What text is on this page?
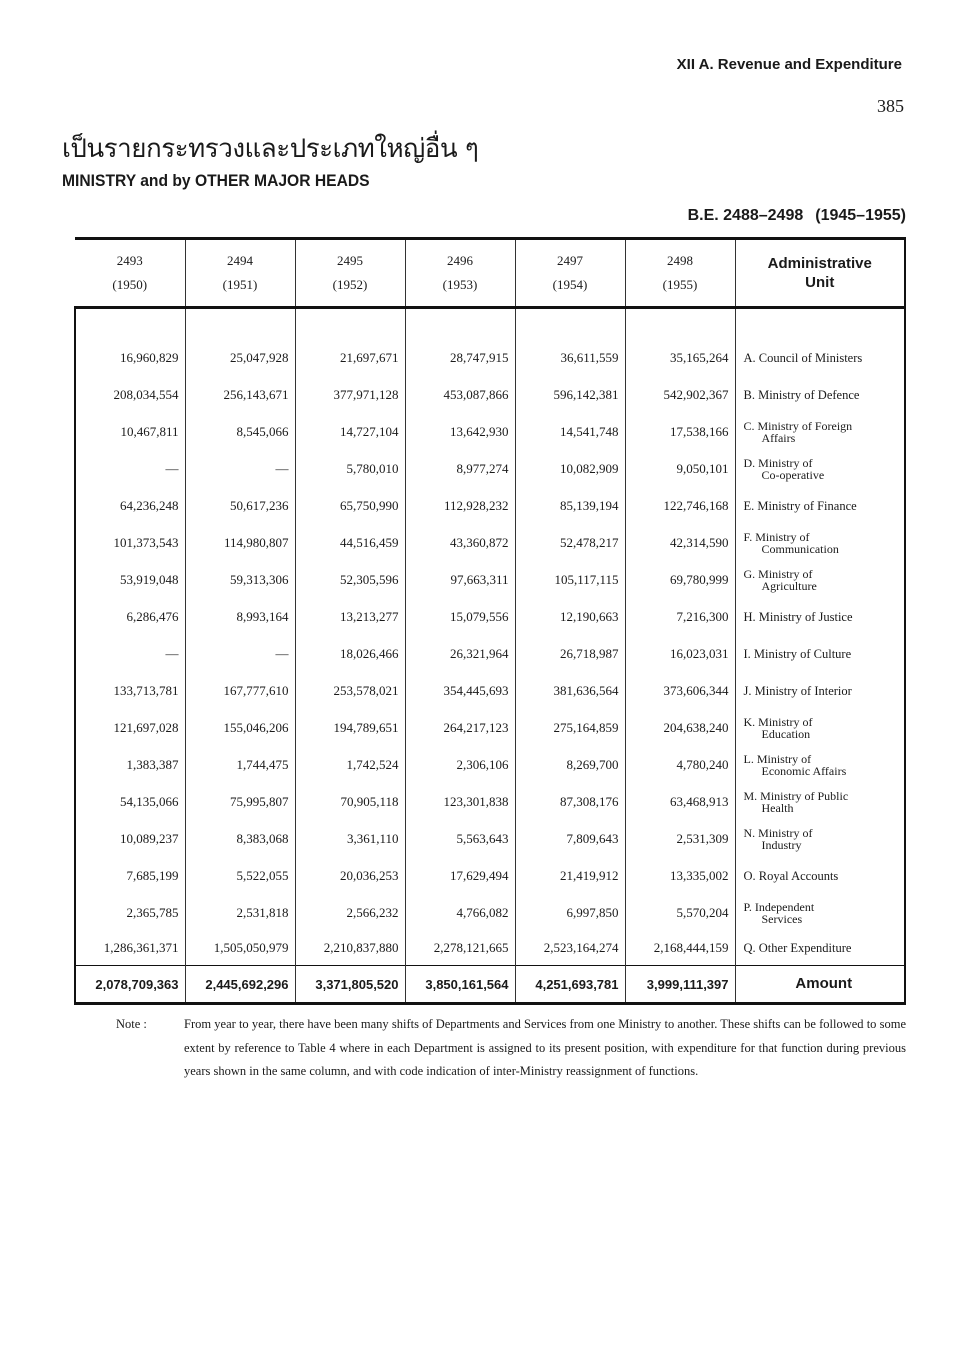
XII A. Revenue and Expenditure
385
เป็นรายกระทรวงและประเภทใหญ่อื่น ๆ
MINISTRY and by OTHER MAJOR HEADS
B.E. 2488–2498 (1945–1955)
2493
(1950)	2494
(1951)	2495
(1952)	2496
(1953)	2497
(1954)	2498
(1955)	Administrative
Unit

16,960,829	25,047,928	21,697,671	28,747,915	36,611,559	35,165,264	A. Council of Ministers

208,034,554	256,143,671	377,971,128	453,087,866	596,142,381	542,902,367	B. Ministry of Defence

10,467,811	8,545,066	14,727,104	13,642,930	14,541,748	17,538,166	C. Ministry of Foreign
Affairs

—	—	5,780,010	8,977,274	10,082,909	9,050,101	D. Ministry of
Co-operative

64,236,248	50,617,236	65,750,990	112,928,232	85,139,194	122,746,168	E. Ministry of Finance

101,373,543	114,980,807	44,516,459	43,360,872	52,478,217	42,314,590	F. Ministry of
Communication

53,919,048	59,313,306	52,305,596	97,663,311	105,117,115	69,780,999	G. Ministry of
Agriculture

6,286,476	8,993,164	13,213,277	15,079,556	12,190,663	7,216,300	H. Ministry of Justice

—	—	18,026,466	26,321,964	26,718,987	16,023,031	I. Ministry of Culture

133,713,781	167,777,610	253,578,021	354,445,693	381,636,564	373,606,344	J. Ministry of Interior

121,697,028	155,046,206	194,789,651	264,217,123	275,164,859	204,638,240	K. Ministry of
Education

1,383,387	1,744,475	1,742,524	2,306,106	8,269,700	4,780,240	L. Ministry of
Economic Affairs

54,135,066	75,995,807	70,905,118	123,301,838	87,308,176	63,468,913	M. Ministry of Public
Health

10,089,237	8,383,068	3,361,110	5,563,643	7,809,643	2,531,309	N. Ministry of
Industry

7,685,199	5,522,055	20,036,253	17,629,494	21,419,912	13,335,002	O. Royal Accounts

2,365,785	2,531,818	2,566,232	4,766,082	6,997,850	5,570,204	P. Independent
Services

1,286,361,371	1,505,050,979	2,210,837,880	2,278,121,665	2,523,164,274	2,168,444,159	Q. Other Expenditure

2,078,709,363	2,445,692,296	3,371,805,520	3,850,161,564	4,251,693,781	3,999,111,397	Amount
Note :	From year to year, there have been many shifts of Departments and Services from one Ministry to another. These shifts can be followed to some extent by reference to Table 4 where in each Department is assigned to its present position, with expenditure for that function during previous years shown in the same column, and with code indication of inter-Ministry reassignment of functions.
